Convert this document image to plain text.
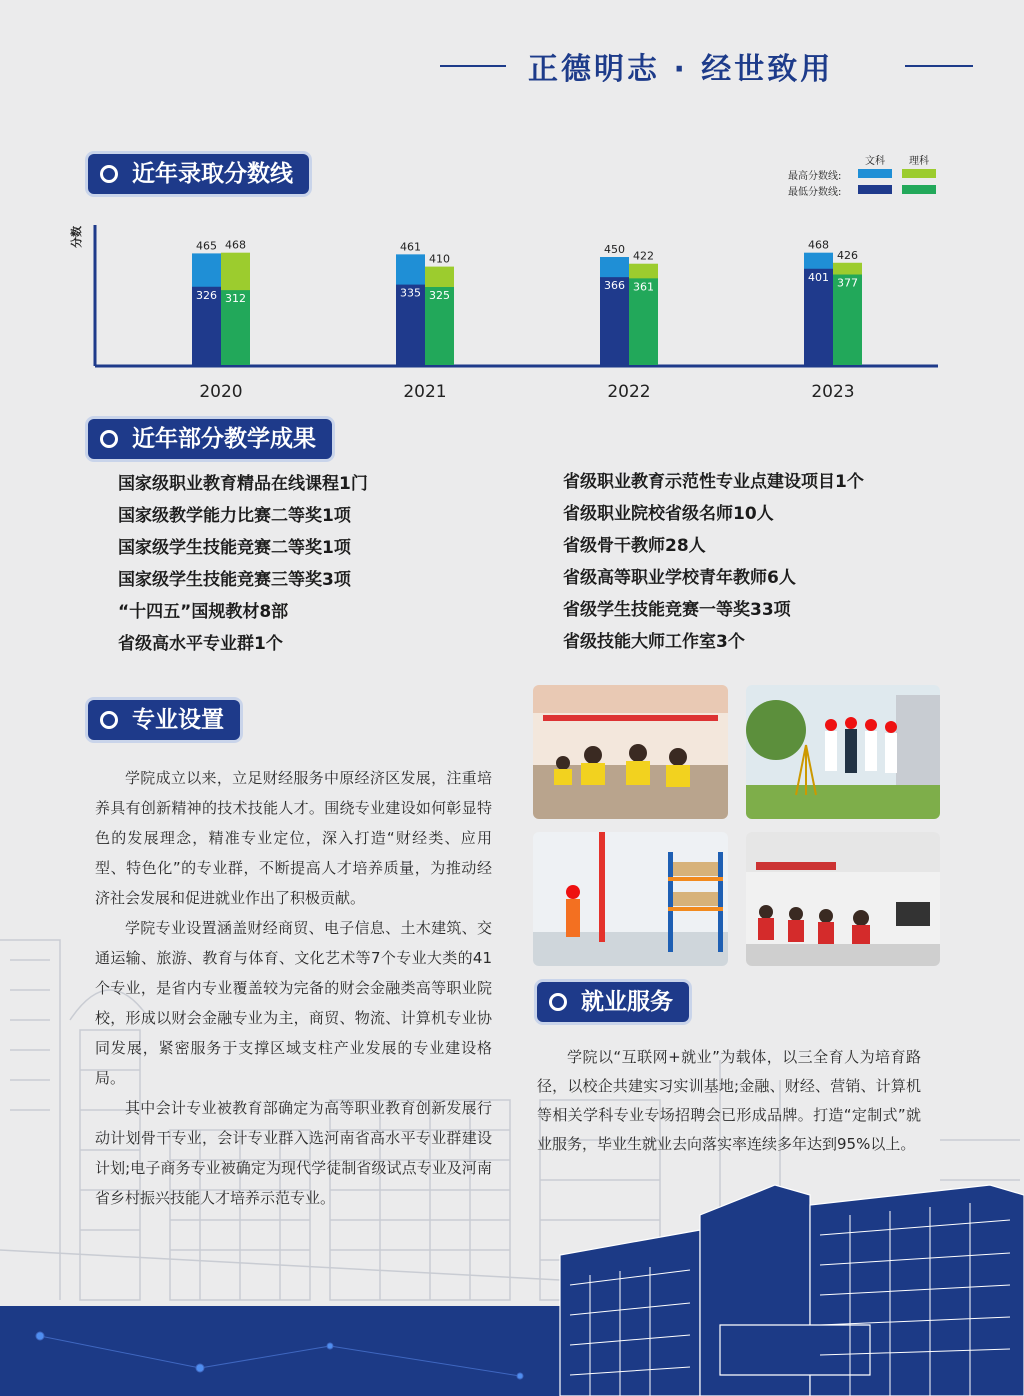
正德明志 · 经世致用
近年录取分数线	文科 理科
最高分数线:
最低分数线:
分数	465 468
326 312
2020
461
410
335 325
2021
450
422
366 361
2022
468
426
401 377
2023
近年部分教学成果
国家级职业教育精品在线课程1门
国家级教学能力比赛二等奖1项
国家级学生技能竞赛二等奖1项
国家级学生技能竞赛三等奖3项
“十四五”国规教材8部
省级高水平专业群1个
省级职业教育示范性专业点建设项目1个
省级职业院校省级名师10人
省级骨干教师28人
省级高等职业学校青年教师6人
省级学生技能竞赛一等奖33项
省级技能大师工作室3个
专业设置

学院成立以来，立足财经服务中原经济区发展，注重培养具有创新精神的技术技能人才。围绕专业建设如何彰显特色的发展理念，精准专业定位，深入打造“财经类、应用型、特色化”的专业群，不断提高人才培养质量，为推动经济社会发展和促进就业作出了积极贡献。

学院专业设置涵盖财经商贸、电子信息、土木建筑、交通运输、旅游、教育与体育、文化艺术等7个专业大类的41个专业，是省内专业覆盖较为完备的财会金融类高等职业院校，形成以财会金融专业为主，商贸、物流、计算机专业协同发展，紧密服务于支撑区域支柱产业发展的专业建设格局。

其中会计专业被教育部确定为高等职业教育创新发展行动计划骨干专业，会计专业群入选河南省高水平专业群建设计划;电子商务专业被确定为现代学徒制省级试点专业及河南省乡村振兴技能人才培养示范专业。

就业服务

学院以“互联网+就业”为载体，以三全育人为培育路径，以校企共建实习实训基地;金融、财经、营销、计算机等相关学科专业专场招聘会已形成品牌。打造“定制式”就业服务，毕业生就业去向落实率连续多年达到95%以上。
